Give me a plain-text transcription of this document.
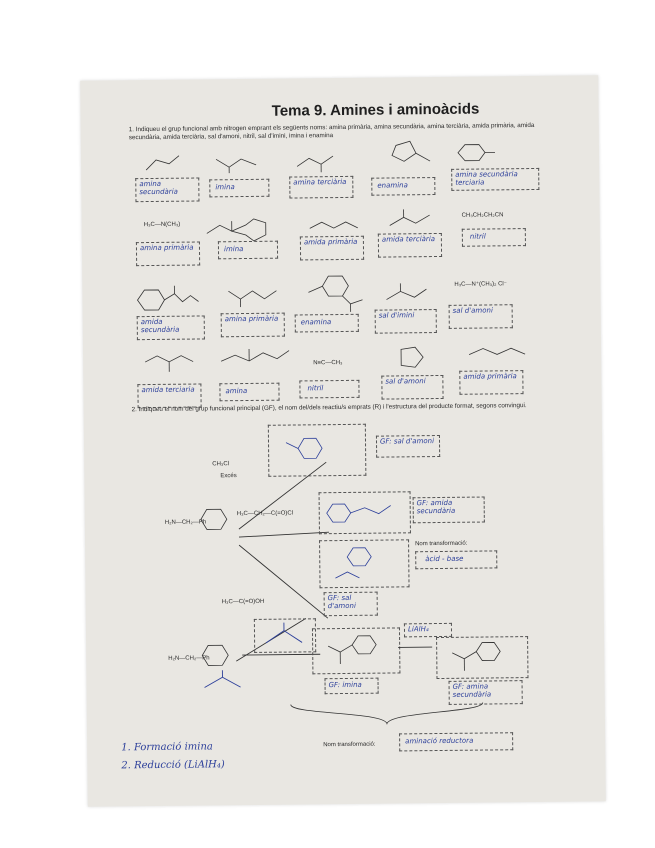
Tema 9. Amines i aminoàcids
1. Indiqueu el grup funcional amb nitrogen emprant els següents noms: amina primària, amina secundària, amina terciària, amida primària, amida secundària, amida terciària, sal d'amoni, nitril, sal d'imini, imina i enamina
amina secundària
imina
amina terciària	enamina
amina secundària terciaria
H₃C—N(CH₃)
CH₃CH₂CH₂CN
amina primària	imina
amida primària	amida terciària	nitril
H₃C—N⁺(CH₃)₂ Cl⁻
amida secundària
amina primària	enamina
sal d'imini
sal d'amoni
N≡C—CH₃
amida terciaria	amina	nitril
sal d'amoni
amida primària
2. Indiqueu el nom del grup funcional principal (GF), el nom del/dels reactiu/s emprats (R) i l'estructura del producte format, segons convingui.
GF: sal d'amoni
CH₃Cl
Excés
H₂N—CH₂—Ph
H₃C—CH₂—C(=O)Cl
H₃C—C(=O)OH
GF: amida secundària
Nom transformació:
àcid - base
GF: sal d'amoni
H₂N—CH₂—Ph
GF: imina
LiAlH₄
GF: amina secundària
Nom transformació:	aminació reductora
1. Formació imina
2. Reducció (LiAlH₄)
